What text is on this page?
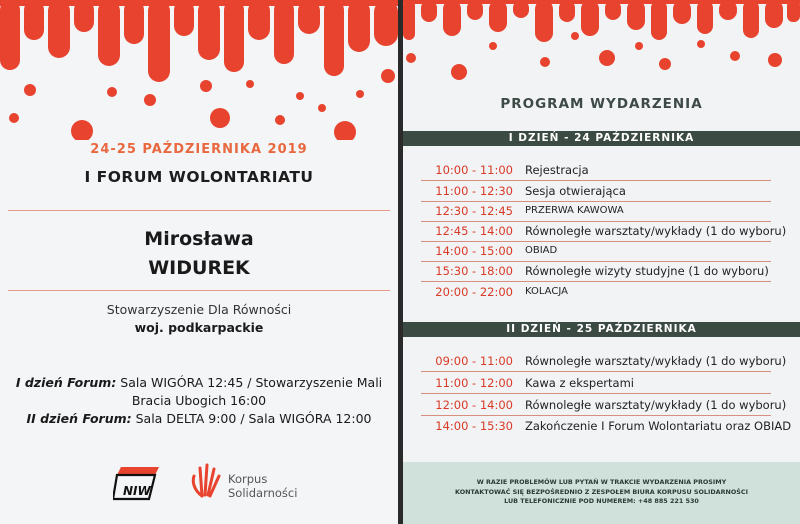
24-25 PAŹDZIERNIKA 2019
I FORUM WOLONTARIATU
Mirosława
WIDUREK
Stowarzyszenie Dla Równości
woj. podkarpackie
I dzień Forum: Sala WIGÓRA 12:45 / Stowarzyszenie Mali
Bracia Ubogich 16:00
II dzień Forum: Sala DELTA 9:00 / Sala WIGÓRA 12:00
NIW
Korpus
Solidarności
PROGRAM WYDARZENIA
I DZIEŃ - 24 PAŹDZIERNIKA
10:00 - 11:00 Rejestracja
11:00 - 12:30 Sesja otwierająca
12:30 - 12:45 PRZERWA KAWOWA
12:45 - 14:00 Równoległe warsztaty/wykłady (1 do wyboru)
14:00 - 15:00 OBIAD
15:30 - 18:00 Równoległe wizyty studyjne (1 do wyboru)
20:00 - 22:00 KOLACJA
II DZIEŃ - 25 PAŹDZIERNIKA
09:00 - 11:00 Równoległe warsztaty/wykłady (1 do wyboru)
11:00 - 12:00 Kawa z ekspertami
12:00 - 14:00 Równoległe warsztaty/wykłady (1 do wyboru)
14:00 - 15:30 Zakończenie I Forum Wolontariatu oraz OBIAD
W RAZIE PROBLEMÓW LUB PYTAŃ W TRAKCIE WYDARZENIA PROSIMY
KONTAKTOWAĆ SIĘ BEZPOŚREDNIO Z ZESPOŁEM BIURA KORPUSU SOLIDARNOŚCI
LUB TELEFONICZNIE POD NUMEREM: +48 885 221 530
